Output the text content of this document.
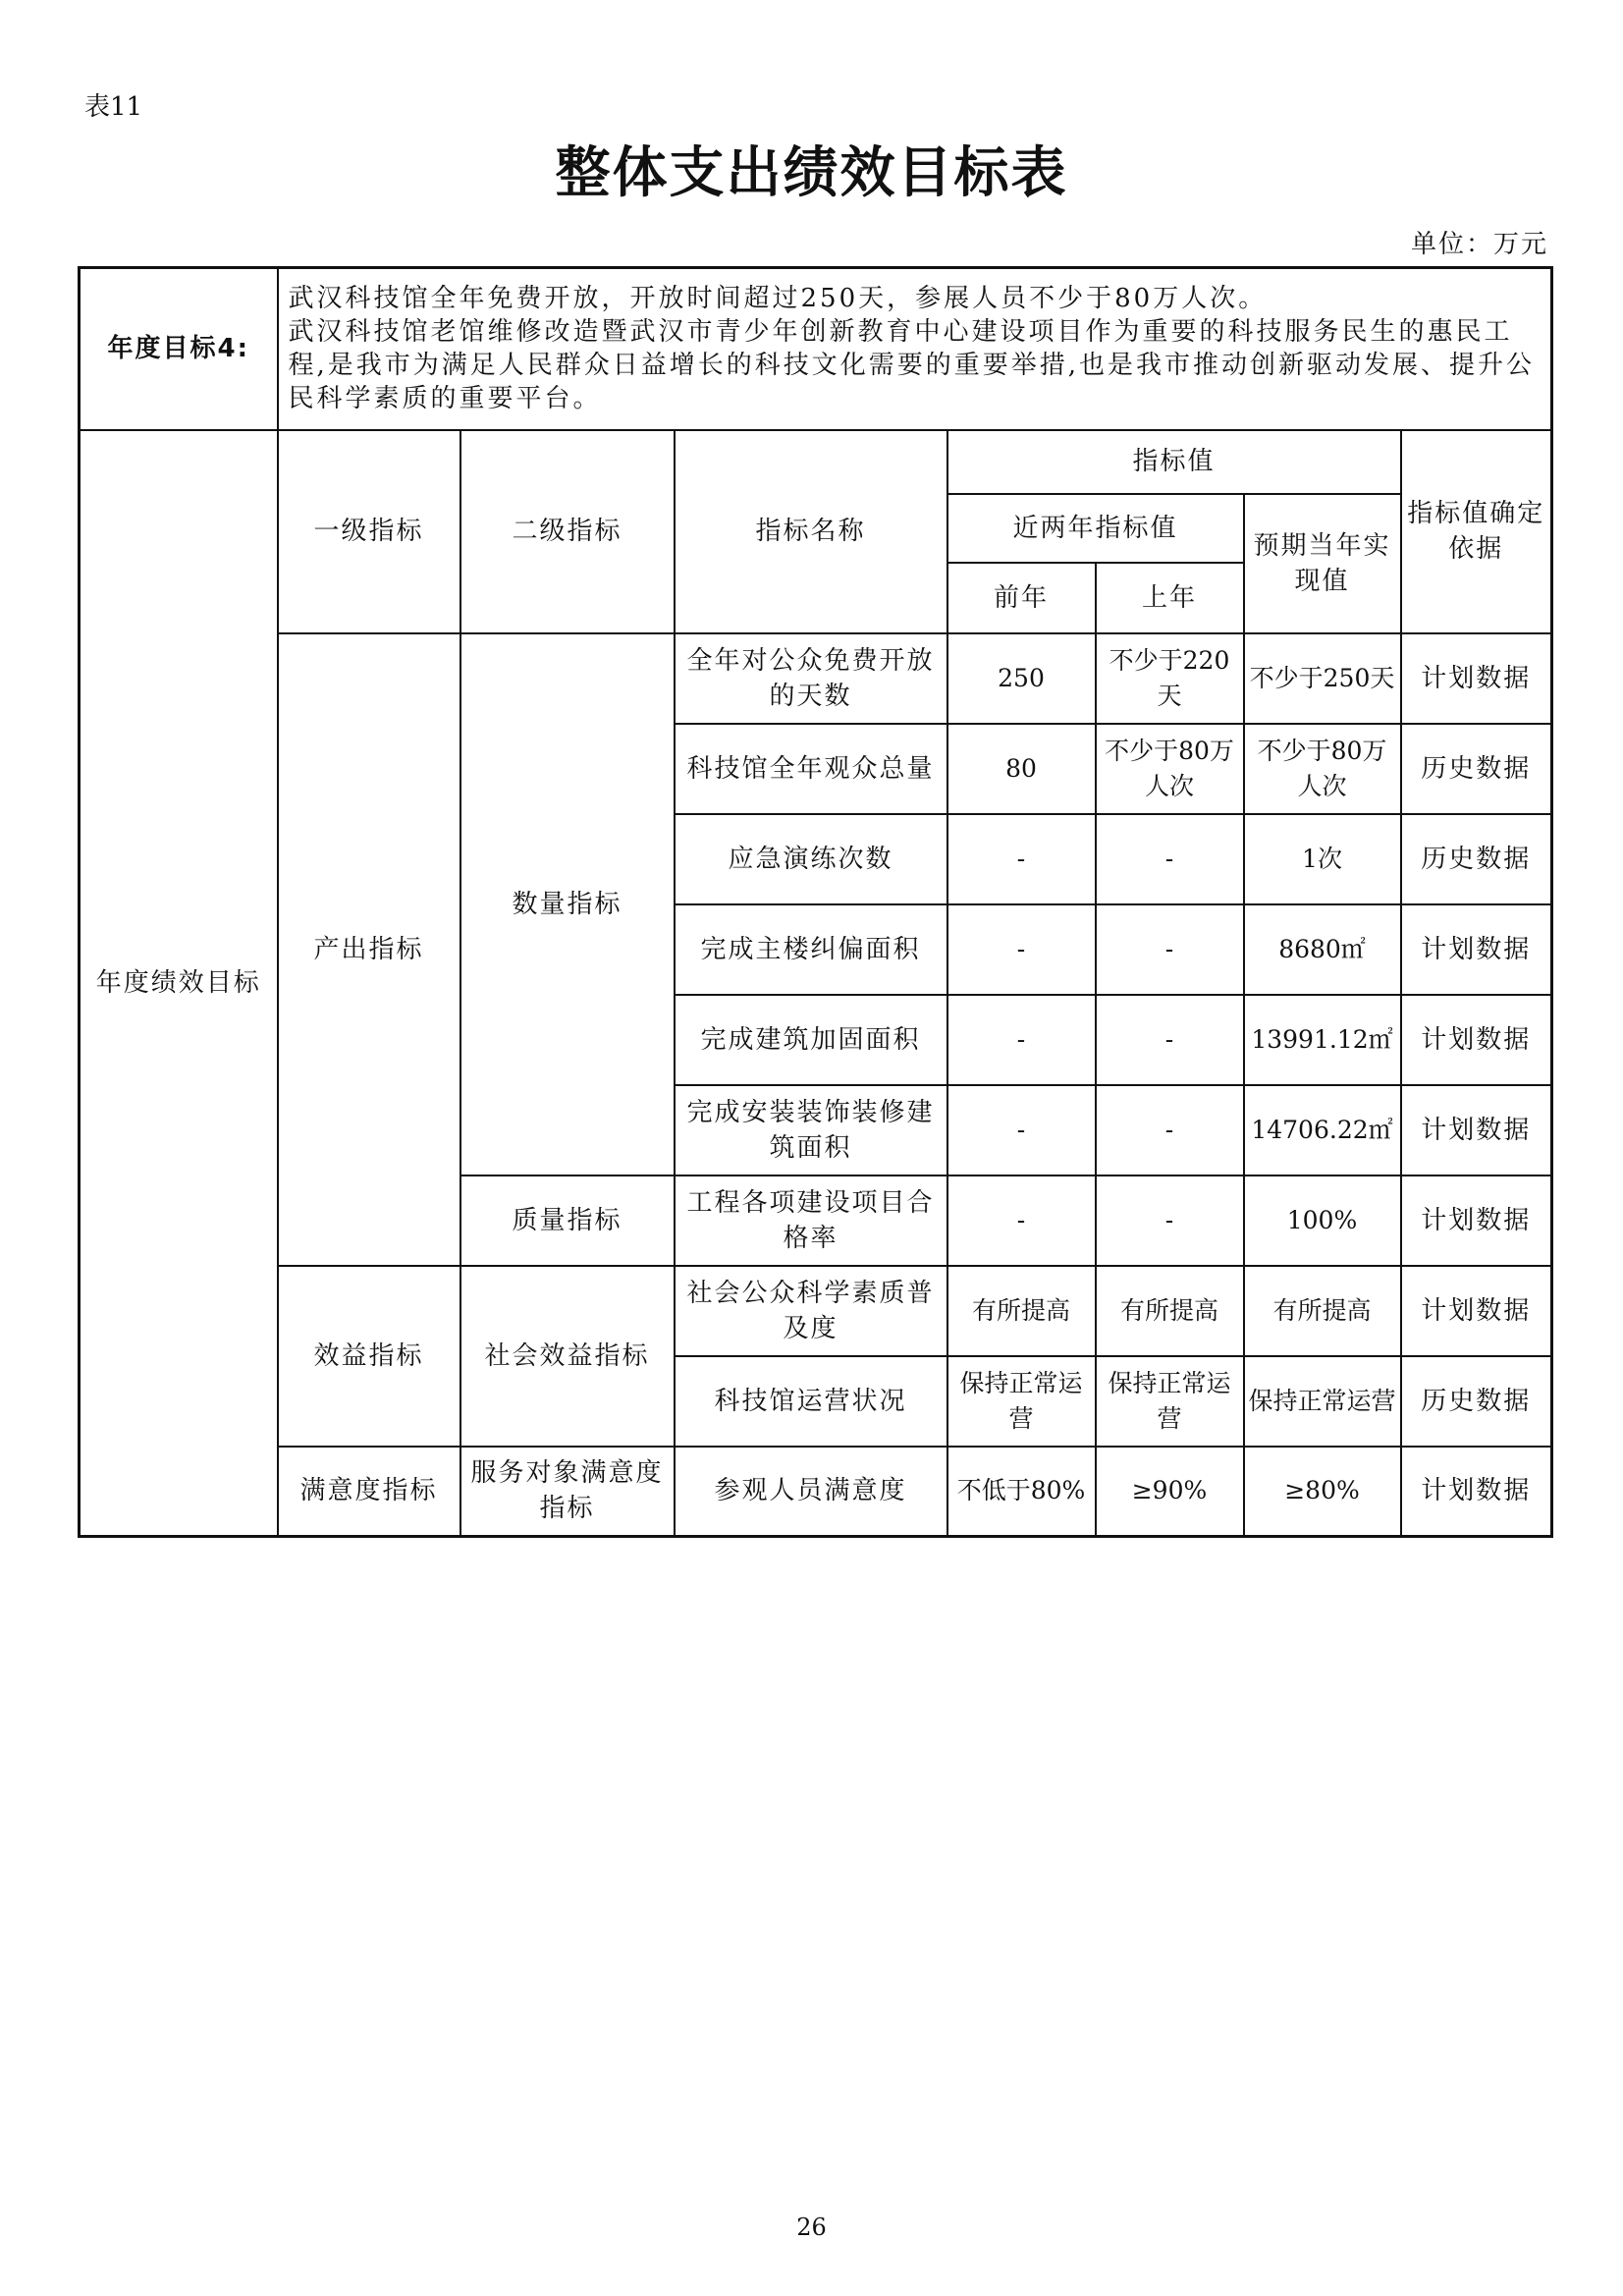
表11
整体支出绩效目标表
单位：万元
年度目标4:	武汉科技馆全年免费开放，开放时间超过250天，参展人员不少于80万人次。
武汉科技馆老馆维修改造暨武汉市青少年创新教育中心建设项目作为重要的科技服务民生的惠民工程,是我市为满足人民群众日益增长的科技文化需要的重要举措,也是我市推动创新驱动发展、提升公民科学素质的重要平台。						

年度绩效目标	一级指标	二级指标	指标名称	指标值			指标值确定依据
				近两年指标值		预期当年实现值	
				前年	上年		
	产出指标	数量指标	全年对公众免费开放的天数	250	不少于220天	不少于250天	计划数据
			科技馆全年观众总量	80	不少于80万人次	不少于80万人次	历史数据
			应急演练次数	-	-	1次	历史数据
			完成主楼纠偏面积	-	-	8680㎡	计划数据
			完成建筑加固面积	-	-	13991.12㎡	计划数据
			完成安装装饰装修建筑面积	-	-	14706.22㎡	计划数据
		质量指标	工程各项建设项目合格率	-	-	100%	计划数据
	效益指标	社会效益指标	社会公众科学素质普及度	有所提高	有所提高	有所提高	计划数据
			科技馆运营状况	保持正常运营	保持正常运营	保持正常运营	历史数据
	满意度指标	服务对象满意度指标	参观人员满意度	不低于80%	≥90%	≥80%	计划数据
26
